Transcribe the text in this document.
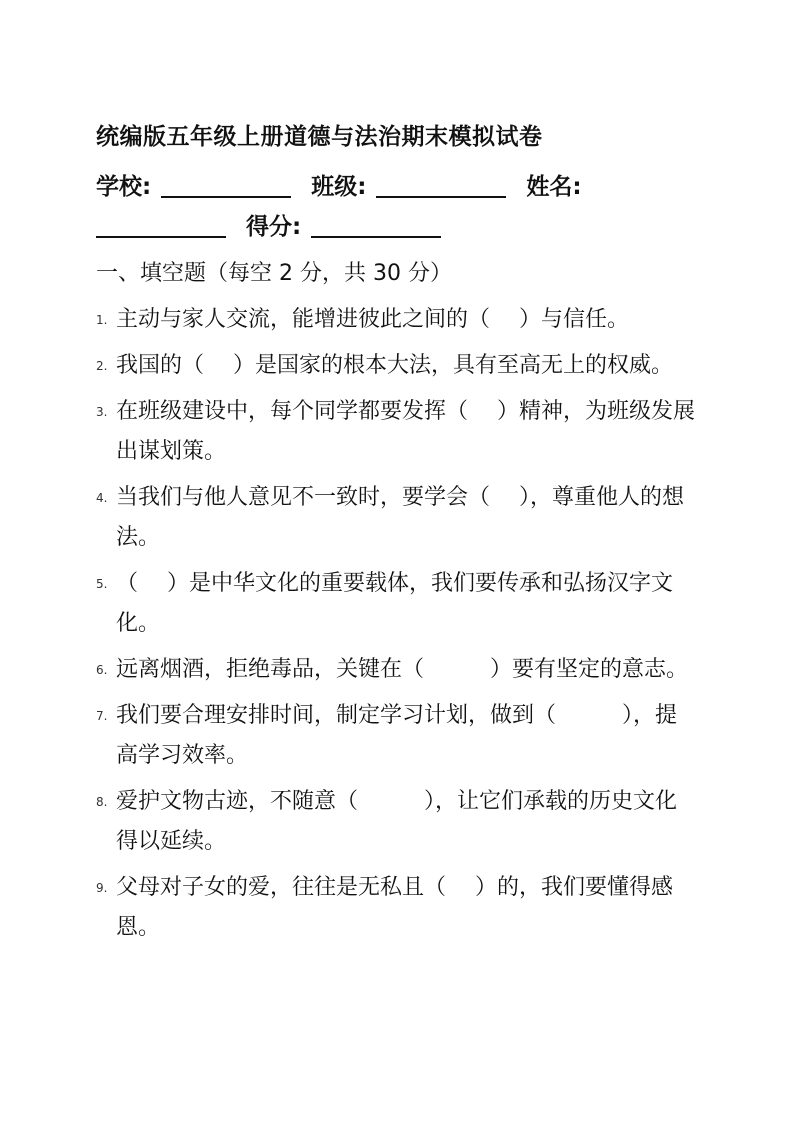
统编版五年级上册道德与法治期末模拟试卷
学校:	班级:	姓名:
得分:
一、填空题（每空 2 分，共 30 分）
1. 主动与家人交流，能增进彼此之间的（　 ）与信任。
2. 我国的（　 ）是国家的根本大法，具有至高无上的权威。
3. 在班级建设中，每个同学都要发挥（　 ）精神，为班级发展出谋划策。
4. 当我们与他人意见不一致时，要学会（　 ），尊重他人的想法。
5. （　 ）是中华文化的重要载体，我们要传承和弘扬汉字文化。
6. 远离烟酒，拒绝毒品，关键在（　　　）要有坚定的意志。
7. 我们要合理安排时间，制定学习计划，做到（　　　），提高学习效率。
8. 爱护文物古迹，不随意（　　　），让它们承载的历史文化得以延续。
9. 父母对子女的爱，往往是无私且（　 ）的，我们要懂得感恩。
